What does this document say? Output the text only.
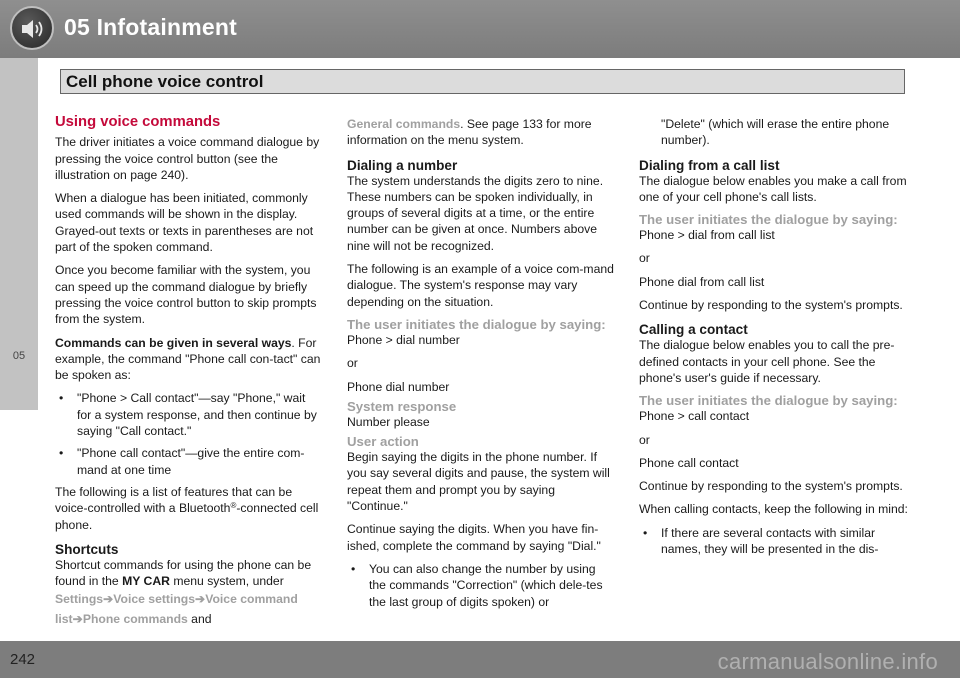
05 Infotainment
Cell phone voice control
05
Using voice commands

The driver initiates a voice command dialogue by pressing the voice control button (see the illustration on page 240).

When a dialogue has been initiated, commonly used commands will be shown in the display. Grayed-out texts or texts in parentheses are not part of the spoken command.

Once you become familiar with the system, you can speed up the command dialogue by briefly pressing the voice control button to skip prompts from the system.

Commands can be given in several ways. For example, the command "Phone call con-tact" can be spoken as:

• "Phone > Call contact"—say "Phone," wait for a system response, and then continue by saying "Call contact."
• "Phone call contact"—give the entire com-mand at one time

The following is a list of features that can be voice-controlled with a Bluetooth®-connected cell phone.

Shortcuts

Shortcut commands for using the phone can be found in the MY CAR menu system, under

Settings➔Voice settings➔Voice command list➔Phone commands and

General commands. See page 133 for more information on the menu system.

Dialing a number

The system understands the digits zero to nine. These numbers can be spoken individually, in groups of several digits at a time, or the entire number can be given at once. Numbers above nine will not be recognized.

The following is an example of a voice com-mand dialogue. The system's response may vary depending on the situation.

The user initiates the dialogue by saying:

Phone > dial number

or

Phone dial number

System response

Number please

User action

Begin saying the digits in the phone number. If you say several digits and pause, the system will repeat them and prompt you by saying "Continue."

Continue saying the digits. When you have fin-ished, complete the command by saying "Dial."

• You can also change the number by using the commands "Correction" (which dele-tes the last group of digits spoken) or

"Delete" (which will erase the entire phone number).

Dialing from a call list

The dialogue below enables you make a call from one of your cell phone's call lists.

The user initiates the dialogue by saying:

Phone > dial from call list

or

Phone dial from call list

Continue by responding to the system's prompts.

Calling a contact

The dialogue below enables you to call the pre-defined contacts in your cell phone. See the phone's user's guide if necessary.

The user initiates the dialogue by saying:

Phone > call contact

or

Phone call contact

Continue by responding to the system's prompts.

When calling contacts, keep the following in mind:

• If there are several contacts with similar names, they will be presented in the dis-
242	carmanualsonline.info
